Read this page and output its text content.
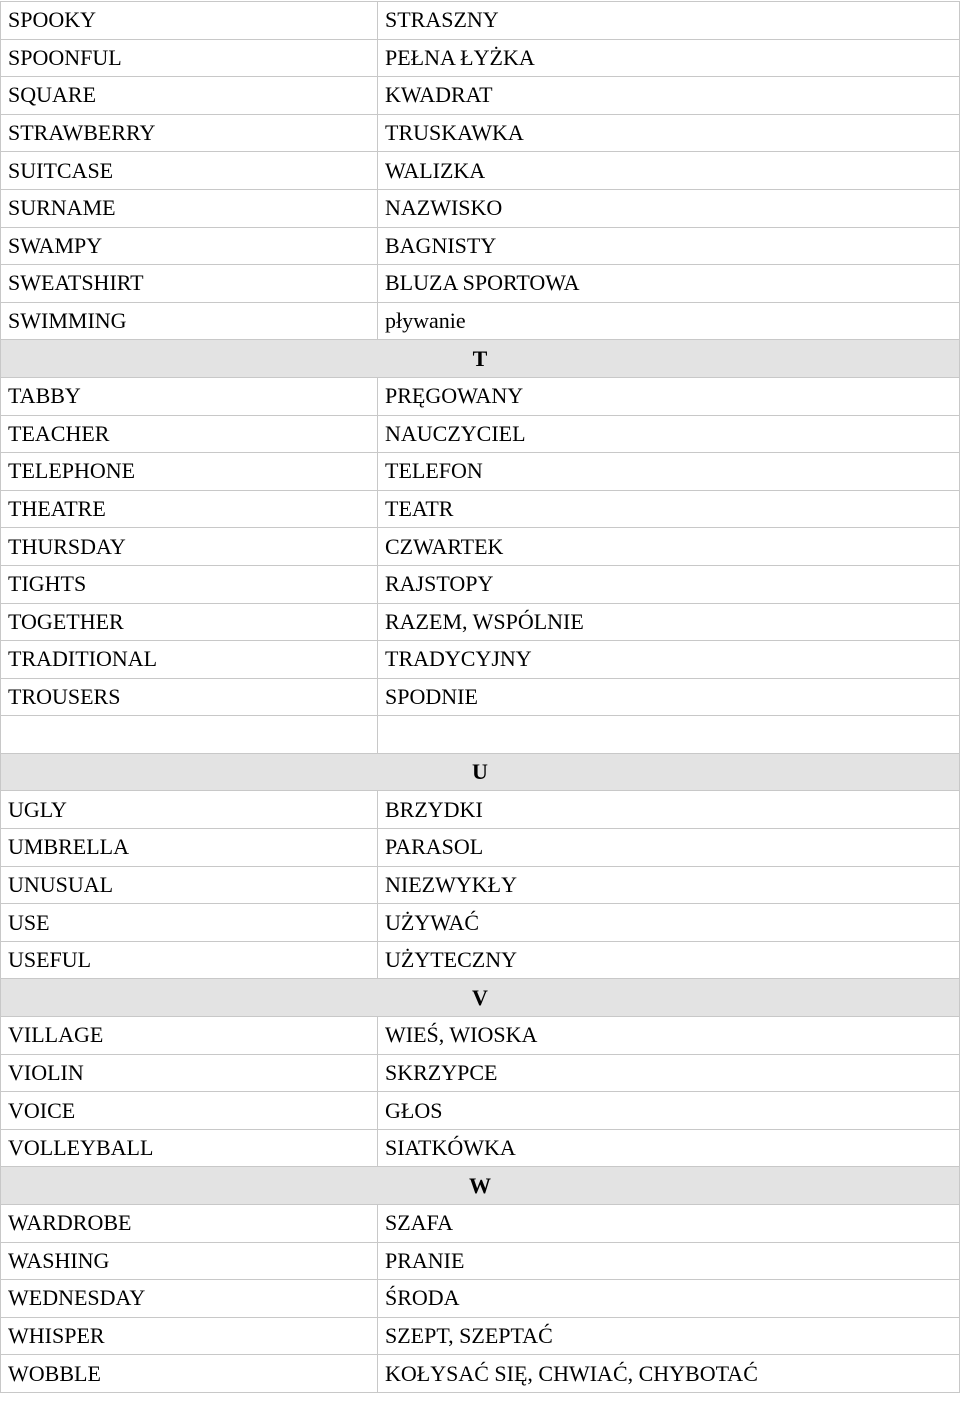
SPOOKY	STRASZNY
SPOONFUL	PEŁNA ŁYŻKA
SQUARE	KWADRAT
STRAWBERRY	TRUSKAWKA
SUITCASE	WALIZKA
SURNAME	NAZWISKO
SWAMPY	BAGNISTY
SWEATSHIRT	BLUZA SPORTOWA
SWIMMING	pływanie
T	
TABBY	PRĘGOWANY
TEACHER	NAUCZYCIEL
TELEPHONE	TELEFON
THEATRE	TEATR
THURSDAY	CZWARTEK
TIGHTS	RAJSTOPY
TOGETHER	RAZEM, WSPÓLNIE
TRADITIONAL	TRADYCYJNY
TROUSERS	SPODNIE

U	
UGLY	BRZYDKI
UMBRELLA	PARASOL
UNUSUAL	NIEZWYKŁY
USE	UŻYWAĆ
USEFUL	UŻYTECZNY
V	
VILLAGE	WIEŚ, WIOSKA
VIOLIN	SKRZYPCE
VOICE	GŁOS
VOLLEYBALL	SIATKÓWKA
W	
WARDROBE	SZAFA
WASHING	PRANIE
WEDNESDAY	ŚRODA
WHISPER	SZEPT, SZEPTAĆ
WOBBLE	KOŁYSAĆ SIĘ, CHWIAĆ, CHYBOTAĆ
